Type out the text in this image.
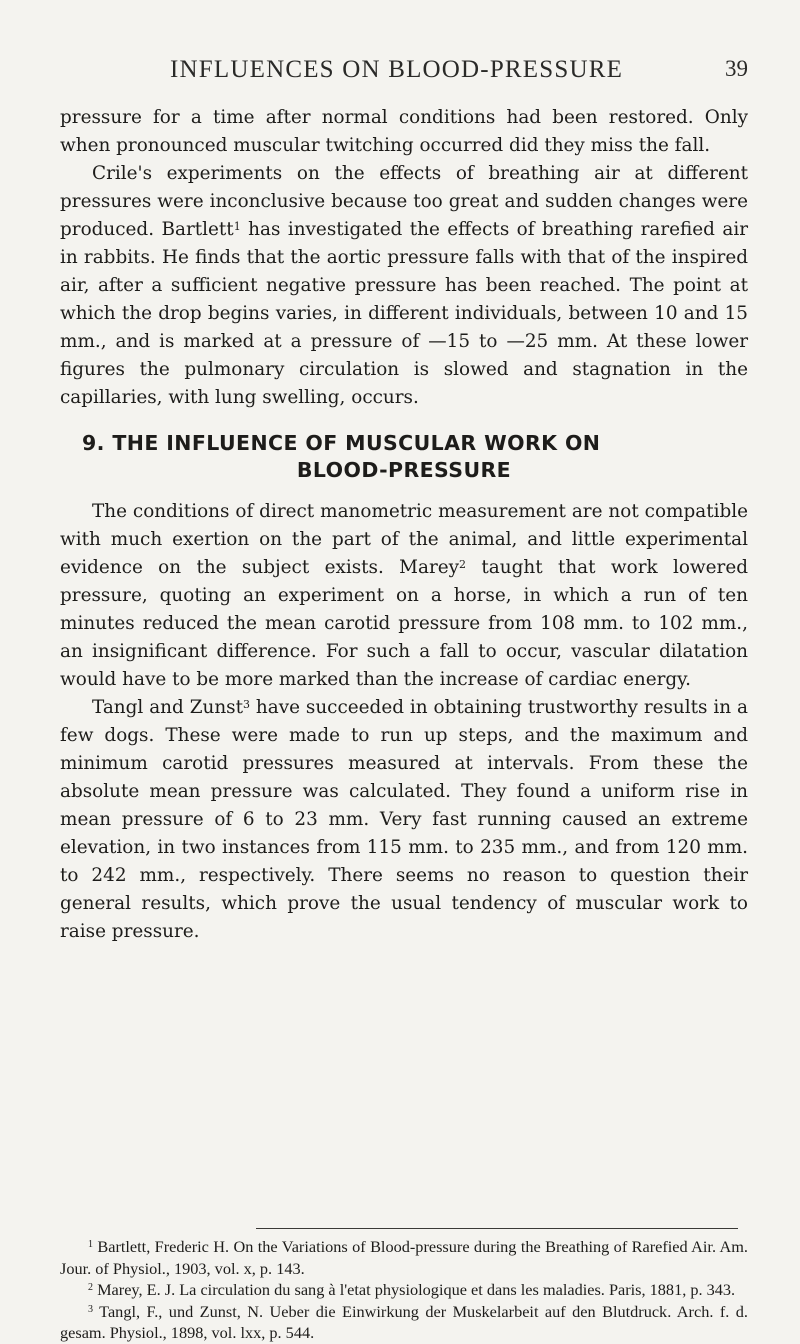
INFLUENCES ON BLOOD-PRESSURE	39

pressure for a time after normal conditions had been restored. Only when pronounced muscular twitching occurred did they miss the fall.

Crile's experiments on the effects of breathing air at different pressures were inconclusive because too great and sudden changes were produced. Bartlett$^1$ has investigated the effects of breathing rarefied air in rabbits. He finds that the aortic pressure falls with that of the inspired air, after a sufficient negative pressure has been reached. The point at which the drop begins varies, in different individuals, between 10 and 15 mm., and is marked at a pressure of —15 to —25 mm. At these lower figures the pulmonary circulation is slowed and stagnation in the capillaries, with lung swelling, occurs.

9. THE INFLUENCE OF MUSCULAR WORK ON
BLOOD-PRESSURE

The conditions of direct manometric measurement are not compatible with much exertion on the part of the animal, and little experimental evidence on the subject exists. Marey$^2$ taught that work lowered pressure, quoting an experiment on a horse, in which a run of ten minutes reduced the mean carotid pressure from 108 mm. to 102 mm., an insignificant difference. For such a fall to occur, vascular dilatation would have to be more marked than the increase of cardiac energy.

Tangl and Zunst$^3$ have succeeded in obtaining trustworthy results in a few dogs. These were made to run up steps, and the maximum and minimum carotid pressures measured at intervals. From these the absolute mean pressure was calculated. They found a uniform rise in mean pressure of 6 to 23 mm. Very fast running caused an extreme elevation, in two instances from 115 mm. to 235 mm., and from 120 mm. to 242 mm., respectively. There seems no reason to question their general results, which prove the usual tendency of muscular work to raise pressure.

$^1$ Bartlett, Frederic H. On the Variations of Blood-pressure during the Breathing of Rarefied Air. Am. Jour. of Physiol., 1903, vol. x, p. 143.

$^2$ Marey, E. J. La circulation du sang à l'etat physiologique et dans les maladies. Paris, 1881, p. 343.

$^3$ Tangl, F., und Zunst, N. Ueber die Einwirkung der Muskelarbeit auf den Blutdruck. Arch. f. d. gesam. Physiol., 1898, vol. lxx, p. 544.
